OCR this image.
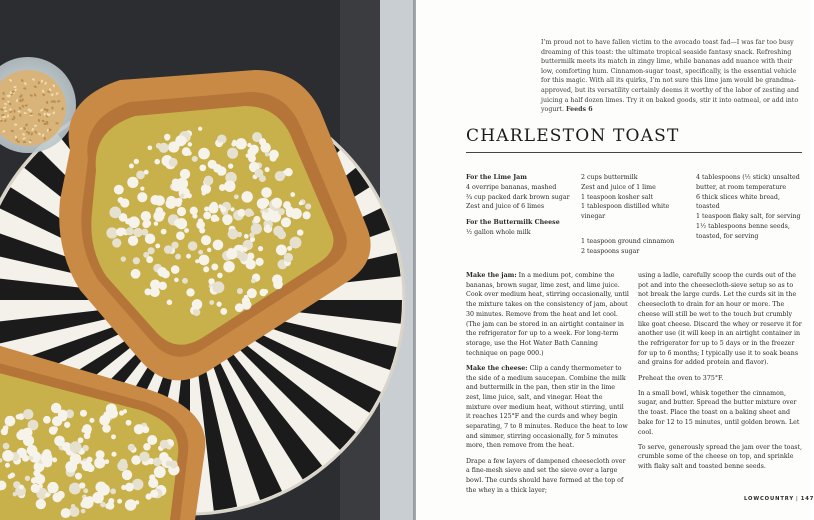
I’m proud not to have fallen victim to the avocado toast fad—I was far too busy dreaming of this toast: the ultimate tropical seaside fantasy snack. Refreshing buttermilk meets its match in zingy lime, while bananas add nuance with their low, comforting hum. Cinnamon-sugar toast, specifically, is the essential vehicle for this magic. With all its quirks, I’m not sure this lime jam would be grandma-approved, but its versatility certainly deems it worthy of the labor of zesting and juicing a half dozen limes. Try it on baked goods, stir it into oatmeal, or add into yogurt. Feeds 6

CHARLESTON TOAST
For the Lime Jam
4 overripe bananas, mashed
¾ cup packed dark brown sugar
Zest and juice of 6 limes
For the Buttermilk Cheese
½ gallon whole milk
2 cups buttermilk
Zest and juice of 1 lime
1 teaspoon kosher salt
1 tablespoon distilled white vinegar
1 teaspoon ground cinnamon
2 teaspoons sugar
4 tablespoons (½ stick) unsalted butter, at room temperature
6 thick slices white bread, toasted
1 teaspoon flaky salt, for serving
1½ tablespoons benne seeds, toasted, for serving

Make the jam: In a medium pot, combine the bananas, brown sugar, lime zest, and lime juice. Cook over medium heat, stirring occasionally, until the mixture takes on the consistency of jam, about 30 minutes. Remove from the heat and let cool. (The jam can be stored in an airtight container in the refrigerator for up to a week. For long-term storage, use the Hot Water Bath Canning technique on page 000.)

Make the cheese: Clip a candy thermometer to the side of a medium saucepan. Combine the milk and buttermilk in the pan, then stir in the lime zest, lime juice, salt, and vinegar. Heat the mixture over medium heat, without stirring, until it reaches 125°F and the curds and whey begin separating, 7 to 8 minutes. Reduce the heat to low and simmer, stirring occasionally, for 5 minutes more, then remove from the heat.

Drape a few layers of dampened cheesecloth over a fine-mesh sieve and set the sieve over a large bowl. The curds should have formed at the top of the whey in a thick layer;

using a ladle, carefully scoop the curds out of the pot and into the cheesecloth-sieve setup so as to not break the large curds. Let the curds sit in the cheesecloth to drain for an hour or more. The cheese will still be wet to the touch but crumbly like goat cheese. Discard the whey or reserve it for another use (it will keep in an airtight container in the refrigerator for up to 5 days or in the freezer for up to 6 months; I typically use it to soak beans and grains for added protein and flavor).

Preheat the oven to 375°F.

In a small bowl, whisk together the cinnamon, sugar, and butter. Spread the butter mixture over the toast. Place the toast on a baking sheet and bake for 12 to 15 minutes, until golden brown. Let cool.

To serve, generously spread the jam over the toast, crumble some of the cheese on top, and sprinkle with flaky salt and toasted benne seeds.

LOWCOUNTRY | 147
